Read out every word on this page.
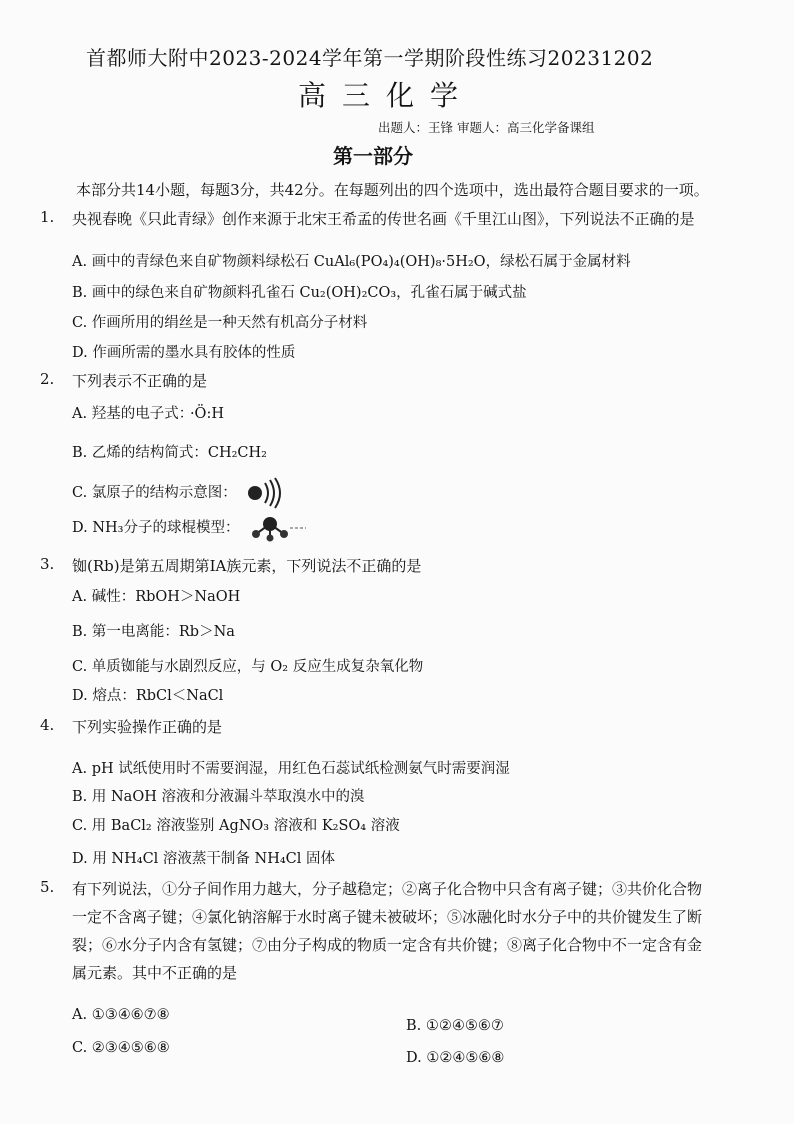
首都师大附中2023-2024学年第一学期阶段性练习20231202
高三化学
出题人：王锋 审题人：高三化学备课组
第一部分
本部分共14小题，每题3分，共42分。在每题列出的四个选项中，选出最符合题目要求的一项。
1. 央视春晚《只此青绿》创作来源于北宋王希孟的传世名画《千里江山图》，下列说法不正确的是
A. 画中的青绿色来自矿物颜料绿松石 CuAl₆(PO₄)₄(OH)₈·5H₂O，绿松石属于金属材料
B. 画中的绿色来自矿物颜料孔雀石 Cu₂(OH)₂CO₃，孔雀石属于碱式盐
C. 作画所用的绢丝是一种天然有机高分子材料
D. 作画所需的墨水具有胶体的性质
2. 下列表示不正确的是
A. 羟基的电子式： ·Ö:H
B. 乙烯的结构简式：CH₂CH₂
C. 氯原子的结构示意图：
D. NH₃分子的球棍模型：
3. 铷(Rb)是第五周期第IA族元素，下列说法不正确的是
A. 碱性：RbOH＞NaOH
B. 第一电离能：Rb＞Na
C. 单质铷能与水剧烈反应，与 O₂ 反应生成复杂氧化物
D. 熔点：RbCl＜NaCl
4. 下列实验操作正确的是
A. pH 试纸使用时不需要润湿，用红色石蕊试纸检测氨气时需要润湿
B. 用 NaOH 溶液和分液漏斗萃取溴水中的溴
C. 用 BaCl₂ 溶液鉴别 AgNO₃ 溶液和 K₂SO₄ 溶液
D. 用 NH₄Cl 溶液蒸干制备 NH₄Cl 固体
5. 有下列说法，①分子间作用力越大，分子越稳定；②离子化合物中只含有离子键；③共价化合物
一定不含离子键；④氯化钠溶解于水时离子键未被破坏；⑤冰融化时水分子中的共价键发生了断
裂；⑥水分子内含有氢键；⑦由分子构成的物质一定含有共价键；⑧离子化合物中不一定含有金
属元素。其中不正确的是
A. ①③④⑥⑦⑧
B. ①②④⑤⑥⑦
C. ②③④⑤⑥⑧
D. ①②④⑤⑥⑧
